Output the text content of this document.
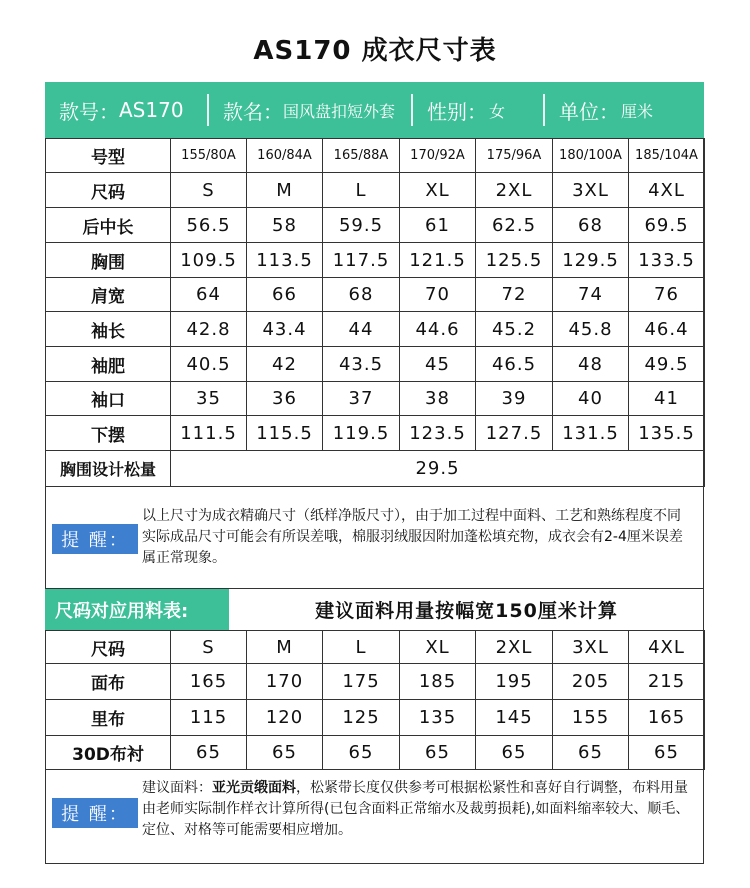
AS170 成衣尺寸表
款号： AS170 款名： 国风盘扣短外套 性别： 女	单位： 厘米
号型	155/80A	160/84A	165/88A	170/92A	175/96A	180/100A	185/104A
尺码	S	M	L	XL	2XL	3XL	4XL
后中长	56.5	58	59.5	61	62.5	68	69.5
胸围	109.5	113.5	117.5	121.5	125.5	129.5	133.5
肩宽	64	66	68	70	72	74	76
袖长	42.8	43.4	44	44.6	45.2	45.8	46.4
袖肥	40.5	42	43.5	45	46.5	48	49.5
袖口	35	36	37	38	39	40	41
下摆	111.5	115.5	119.5	123.5	127.5	131.5	135.5
胸围设计松量	29.5						
提 醒：
以上尺寸为成衣精确尺寸（纸样净版尺寸），由于加工过程中面料、工艺和熟练程度不同实际成品尺寸可能会有所误差哦，棉服羽绒服因附加蓬松填充物，成衣会有2-4厘米误差属正常现象。
尺码对应用料表:	建议面料用量按幅宽150厘米计算
尺码	S	M	L	XL	2XL	3XL	4XL
面布	165	170	175	185	195	205	215
里布	115	120	125	135	145	155	165
30D布衬	65	65	65	65	65	65	65
提 醒：
建议面料：亚光贡缎面料，松紧带长度仅供参考可根据松紧性和喜好自行调整，布料用量由老师实际制作样衣计算所得(已包含面料正常缩水及裁剪损耗),如面料缩率较大、顺毛、定位、对格等可能需要相应增加。
